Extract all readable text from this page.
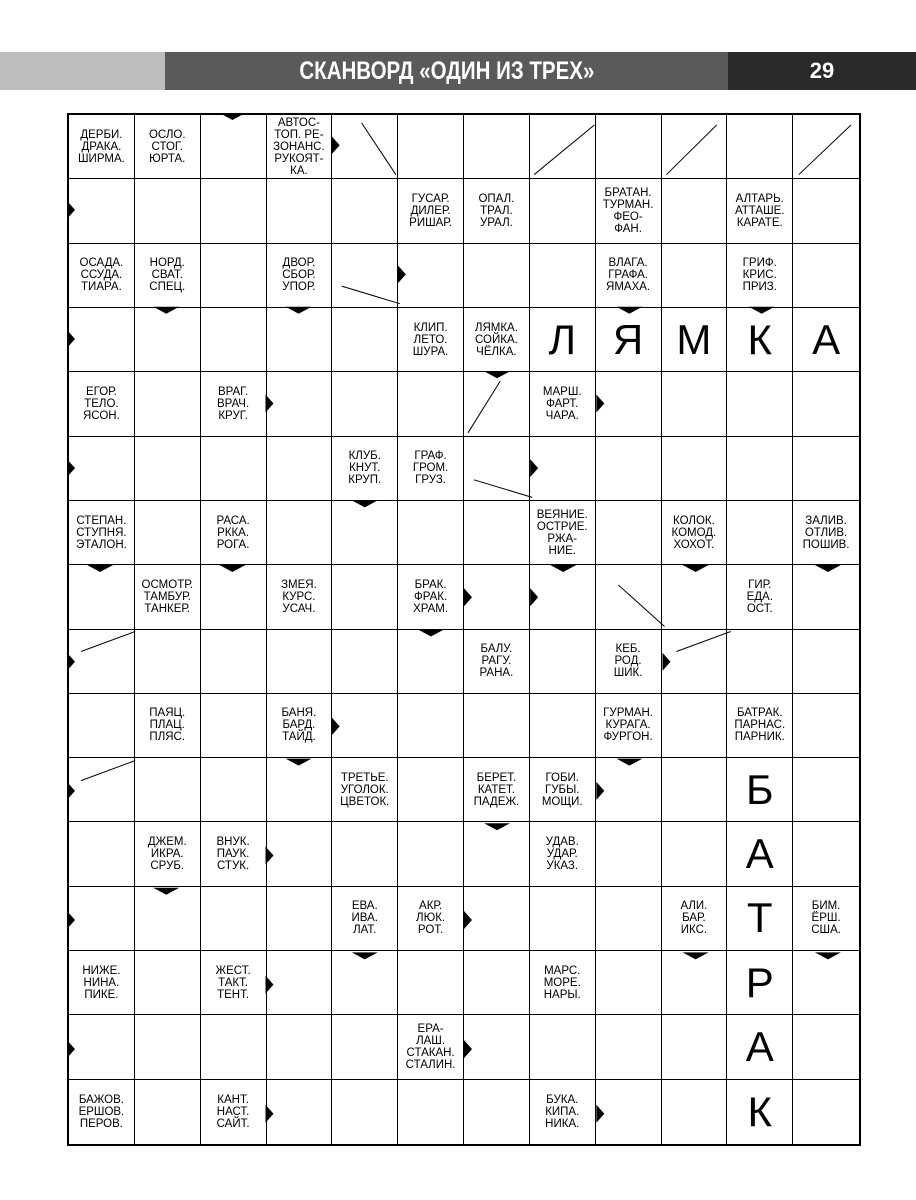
СКАНВОРД «ОДИН ИЗ ТРЕХ»	29
ДЕРБИ.
ДРАКА.
ШИРМА.
ОСЛО.
СТОГ.
ЮРТА.
АВТОС-
ТОП. РЕ-
ЗОНАНС.
РУКОЯТ-
КА.
ГУСАР.
ДИЛЕР.
РИШАР.
ОПАЛ.
ТРАЛ.
УРАЛ.
БРАТАН.
ТУРМАН.
ФЕО-
ФАН.
АЛТАРЬ.
АТТАШЕ.
КАРАТЕ.
ОСАДА.
ССУДА.
ТИАРА.
НОРД.
СВАТ.
СПЕЦ.
ДВОР.
СБОР.
УПОР.
ВЛАГА.
ГРАФА.
ЯМАХА.
ГРИФ.
КРИС.
ПРИЗ.
КЛИП.
ЛЕТО.
ШУРА.
ЛЯМКА.
СОЙКА.
ЧЁЛКА. Л Я М К А
ЕГОР.
ТЕЛО.
ЯСОН.
ВРАГ.
ВРАЧ.
КРУГ.
МАРШ.
ФАРТ.
ЧАРА.
КЛУБ.
КНУТ.
КРУП.
ГРАФ.
ГРОМ.
ГРУЗ.
СТЕПАН.
СТУПНЯ.
ЭТАЛОН.
РАСА.
РККА.
РОГА.
ВЕЯНИЕ.
ОСТРИЕ.
РЖА-
НИЕ.
КОЛОК.
КОМОД.
ХОХОТ.
ЗАЛИВ.
ОТЛИВ.
ПОШИВ.
ОСМОТР.
ТАМБУР.
ТАНКЕР.
ЗМЕЯ.
КУРС.
УСАЧ.
БРАК.
ФРАК.
ХРАМ.
ГИР.
ЕДА.
ОСТ.
БАЛУ.
РАГУ.
РАНА.
КЕБ.
РОД.
ШИК.
ПАЯЦ.
ПЛАЦ.
ПЛЯС.
БАНЯ.
БАРД.
ТАЙД.
ГУРМАН.
КУРАГА.
ФУРГОН.
БАТРАК.
ПАРНАС.
ПАРНИК.
ТРЕТЬЕ.
УГОЛОК.
ЦВЕТОК.
БЕРЕТ.
КАТЕТ.
ПАДЕЖ.
ГОБИ.
ГУБЫ.
МОЩИ.	Б
ДЖЕМ.
ИКРА.
СРУБ.
ВНУК.
ПАУК.
СТУК.
УДАВ.
УДАР.
УКАЗ.	А
ЕВА.
ИВА.
ЛАТ.
АКР.
ЛЮК.
РОТ.
АЛИ.
БАР.
ИКС. Т	БИМ.
ЁРШ.
США.
НИЖЕ.
НИНА.
ПИКЕ.
ЖЕСТ.
ТАКТ.
ТЕНТ.
МАРС.
МОРЕ.
НАРЫ.	Р
ЕРА-
ЛАШ.
СТАКАН.
СТАЛИН.	А
БАЖОВ.
ЕРШОВ.
ПЕРОВ.
КАНТ.
НАСТ.
САЙТ.
БУКА.
КИПА.
НИКА.	К
